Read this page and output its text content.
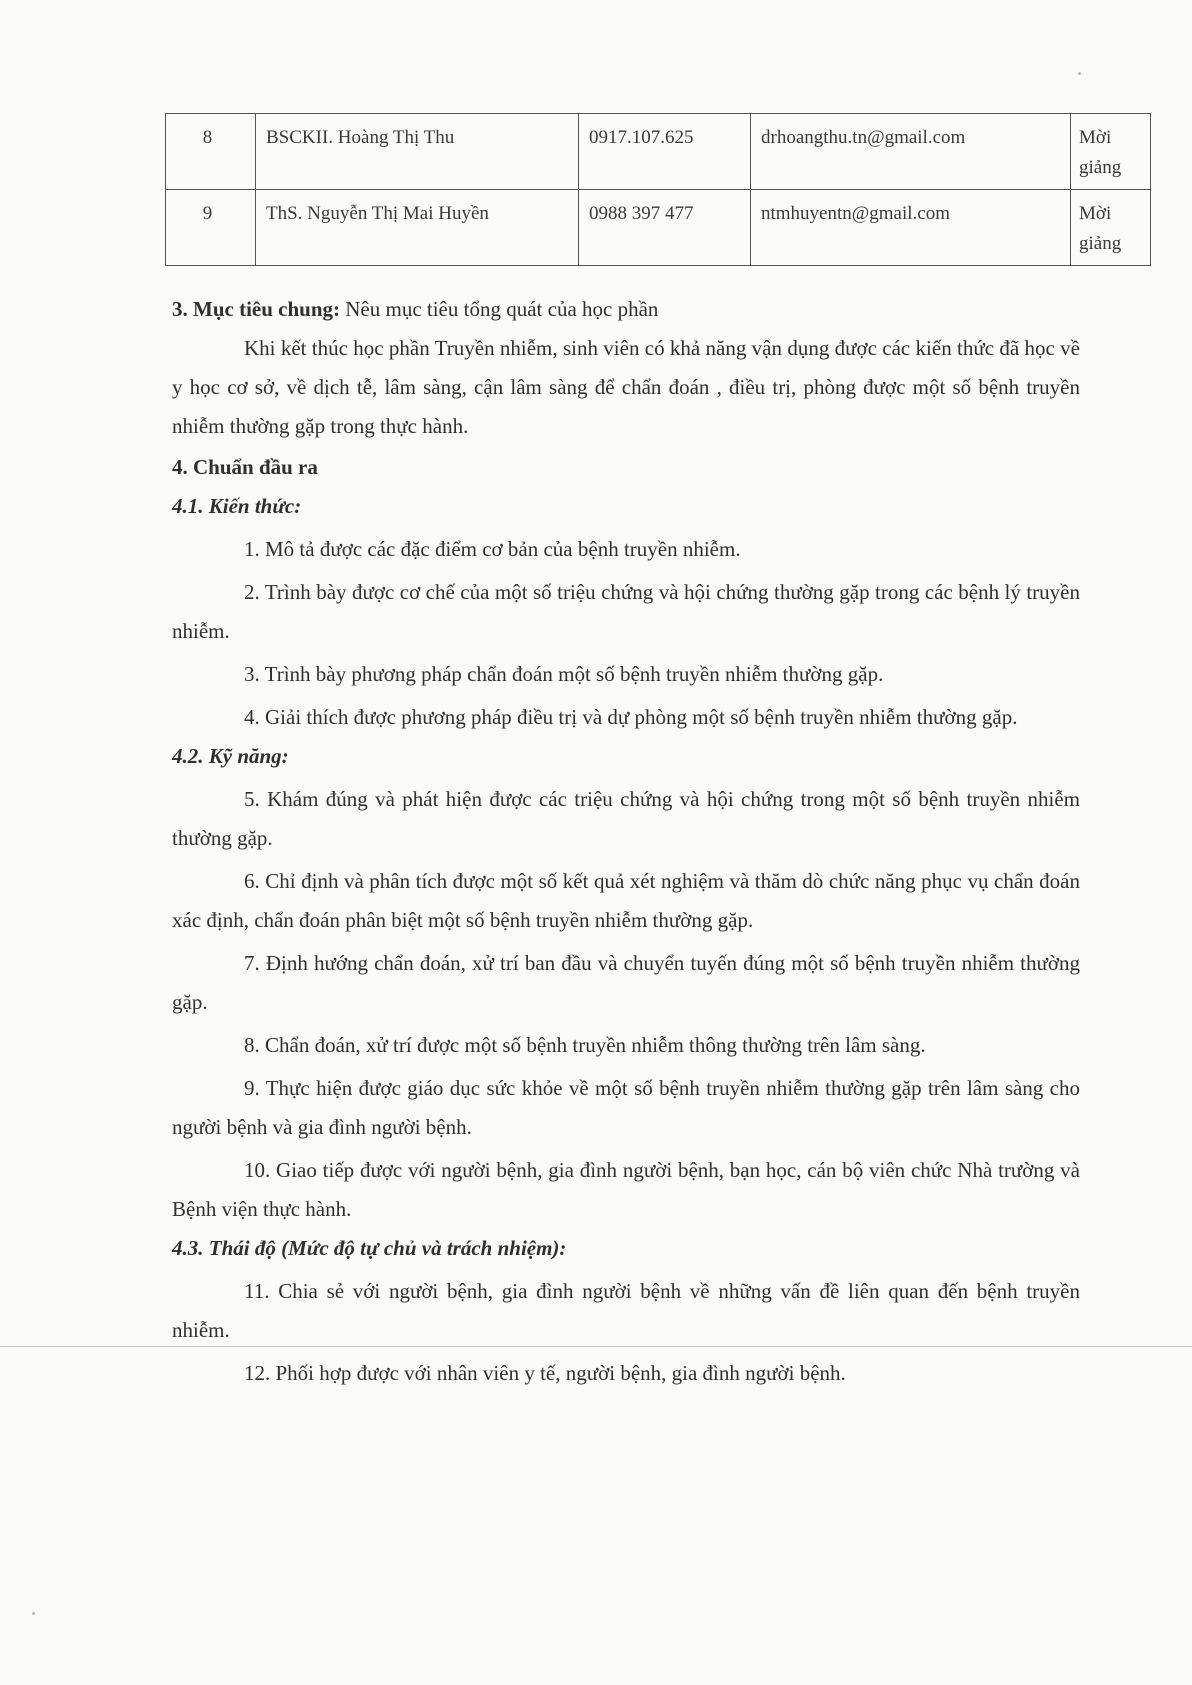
8	BSCKII. Hoàng Thị Thu	0917.107.625	drhoangthu.tn@gmail.com	Mời giảng
9	ThS. Nguyễn Thị Mai Huyền	0988 397 477	ntmhuyentn@gmail.com	Mời giảng

3. Mục tiêu chung: Nêu mục tiêu tổng quát của học phần

Khi kết thúc học phần Truyền nhiễm, sinh viên có khả năng vận dụng được các kiến thức đã học về y học cơ sở, về dịch tễ, lâm sàng, cận lâm sàng để chẩn đoán , điều trị, phòng được một số bệnh truyền nhiễm thường gặp trong thực hành.

4. Chuẩn đầu ra

4.1. Kiến thức:

1. Mô tả được các đặc điểm cơ bản của bệnh truyền nhiễm.

2. Trình bày được cơ chế của một số triệu chứng và hội chứng thường gặp trong các bệnh lý truyền nhiễm.

3. Trình bày phương pháp chẩn đoán một số bệnh truyền nhiễm thường gặp.

4. Giải thích được phương pháp điều trị và dự phòng một số bệnh truyền nhiễm thường gặp.

4.2. Kỹ năng:

5. Khám đúng và phát hiện được các triệu chứng và hội chứng trong một số bệnh truyền nhiễm thường gặp.

6. Chỉ định và phân tích được một số kết quả xét nghiệm và thăm dò chức năng phục vụ chẩn đoán xác định, chẩn đoán phân biệt một số bệnh truyền nhiễm thường gặp.

7. Định hướng chẩn đoán, xử trí ban đầu và chuyển tuyến đúng một số bệnh truyền nhiễm thường gặp.

8. Chẩn đoán, xử trí được một số bệnh truyền nhiễm thông thường trên lâm sàng.

9. Thực hiện được giáo dục sức khỏe về một số bệnh truyền nhiễm thường gặp trên lâm sàng cho người bệnh và gia đình người bệnh.

10. Giao tiếp được với người bệnh, gia đình người bệnh, bạn học, cán bộ viên chức Nhà trường và Bệnh viện thực hành.

4.3. Thái độ (Mức độ tự chủ và trách nhiệm):

11. Chia sẻ với người bệnh, gia đình người bệnh về những vấn đề liên quan đến bệnh truyền nhiễm.

12. Phối hợp được với nhân viên y tế, người bệnh, gia đình người bệnh.
